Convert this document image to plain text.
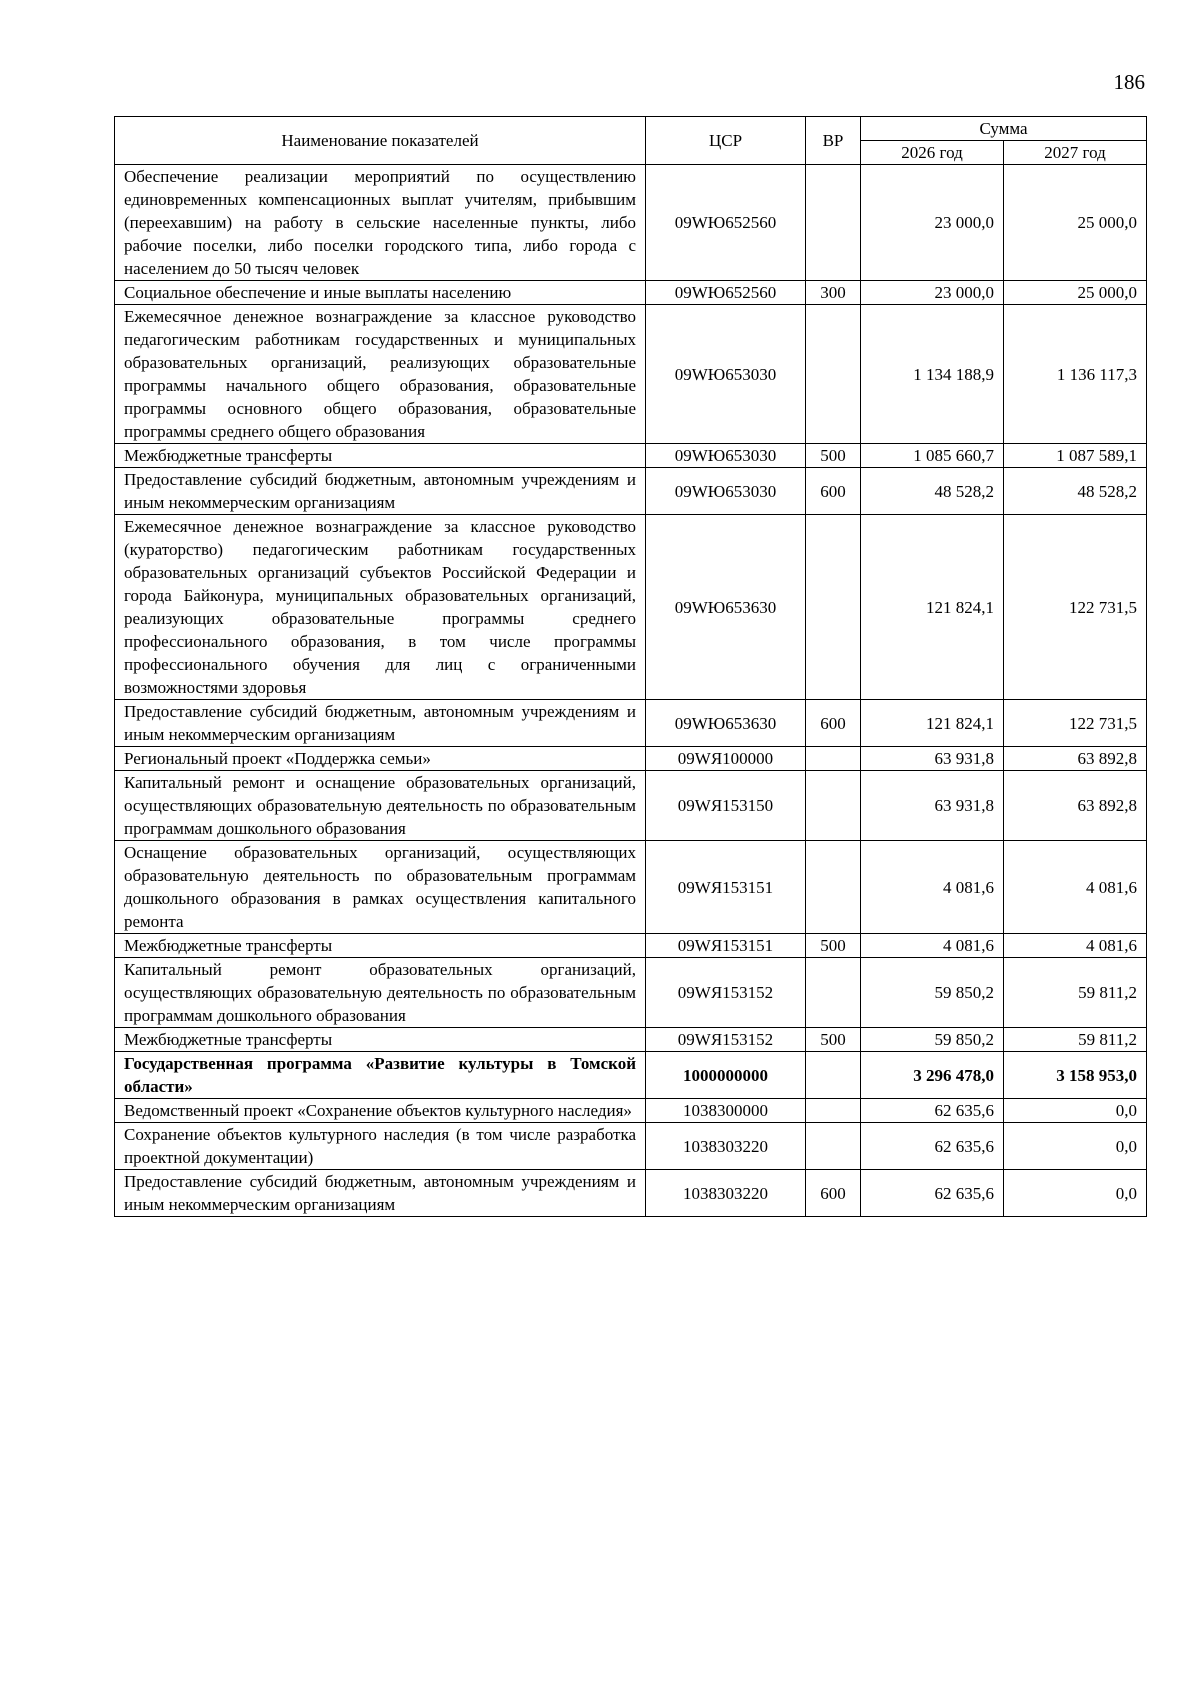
186
Наименование показателей	ЦСР	ВР	Сумма	
			2026 год	2027 год
Обеспечение реализации мероприятий по осуществлению единовременных компенсационных выплат учителям, прибывшим (переехавшим) на работу в сельские населенные пункты, либо рабочие поселки, либо поселки городского типа, либо города с населением до 50 тысяч человек	09WЮ652560		23 000,0	25 000,0
Социальное обеспечение и иные выплаты населению	09WЮ652560	300	23 000,0	25 000,0
Ежемесячное денежное вознаграждение за классное руководство педагогическим работникам государственных и муниципальных образовательных организаций, реализующих образовательные программы начального общего образования, образовательные программы основного общего образования, образовательные программы среднего общего образования	09WЮ653030		1 134 188,9	1 136 117,3
Межбюджетные трансферты	09WЮ653030	500	1 085 660,7	1 087 589,1
Предоставление субсидий бюджетным, автономным учреждениям и иным некоммерческим организациям	09WЮ653030	600	48 528,2	48 528,2
Ежемесячное денежное вознаграждение за классное руководство (кураторство) педагогическим работникам государственных образовательных организаций субъектов Российской Федерации и города Байконура, муниципальных образовательных организаций, реализующих образовательные программы среднего профессионального образования, в том числе программы профессионального обучения для лиц с ограниченными возможностями здоровья	09WЮ653630		121 824,1	122 731,5
Предоставление субсидий бюджетным, автономным учреждениям и иным некоммерческим организациям	09WЮ653630	600	121 824,1	122 731,5
Региональный проект «Поддержка семьи»	09WЯ100000		63 931,8	63 892,8
Капитальный ремонт и оснащение образовательных организаций, осуществляющих образовательную деятельность по образовательным программам дошкольного образования	09WЯ153150		63 931,8	63 892,8
Оснащение образовательных организаций, осуществляющих образовательную деятельность по образовательным программам дошкольного образования в рамках осуществления капитального ремонта	09WЯ153151		4 081,6	4 081,6
Межбюджетные трансферты	09WЯ153151	500	4 081,6	4 081,6
Капитальный ремонт образовательных организаций, осуществляющих образовательную деятельность по образовательным программам дошкольного образования	09WЯ153152		59 850,2	59 811,2
Межбюджетные трансферты	09WЯ153152	500	59 850,2	59 811,2
Государственная программа «Развитие культуры в Томской области»	1000000000		3 296 478,0	3 158 953,0
Ведомственный проект «Сохранение объектов культурного наследия»	1038300000		62 635,6	0,0
Сохранение объектов культурного наследия (в том числе разработка проектной документации)	1038303220		62 635,6	0,0
Предоставление субсидий бюджетным, автономным учреждениям и иным некоммерческим организациям	1038303220	600	62 635,6	0,0
